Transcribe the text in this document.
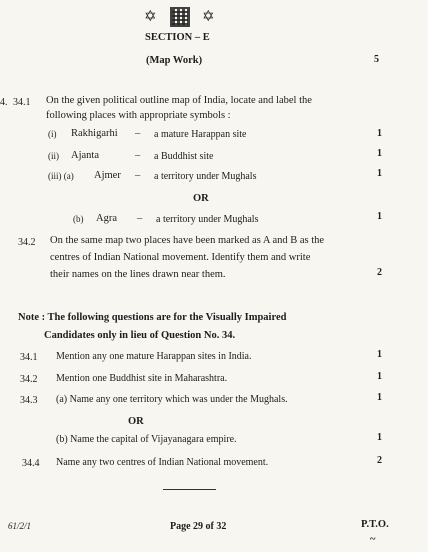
✡	✡
SECTION – E
(Map Work)	5
4. 34.1 On the given political outline map of India, locate and label the
following places with appropriate symbols :
(i) Rakhigarhi – a mature Harappan site	1
(ii) Ajanta	– a Buddhist site	1
(iii) (a) Ajmer – a territory under Mughals	1
OR
(b) Agra – a territory under Mughals	1
34.2 On the same map two places have been marked as A and B as the
centres of Indian National movement. Identify them and write
their names on the lines drawn near them.	2
Note : The following questions are for the Visually Impaired
Candidates only in lieu of Question No. 34.
34.1 Mention any one mature Harappan sites in India.	1
34.2 Mention one Buddhist site in Maharashtra.	1
34.3 (a) Name any one territory which was under the Mughals.	1
OR
(b) Name the capital of Vijayanagara empire.	1
34.4 Name any two centres of Indian National movement.	2
61/2/1	Page 29 of 32	P.T.O.
~
